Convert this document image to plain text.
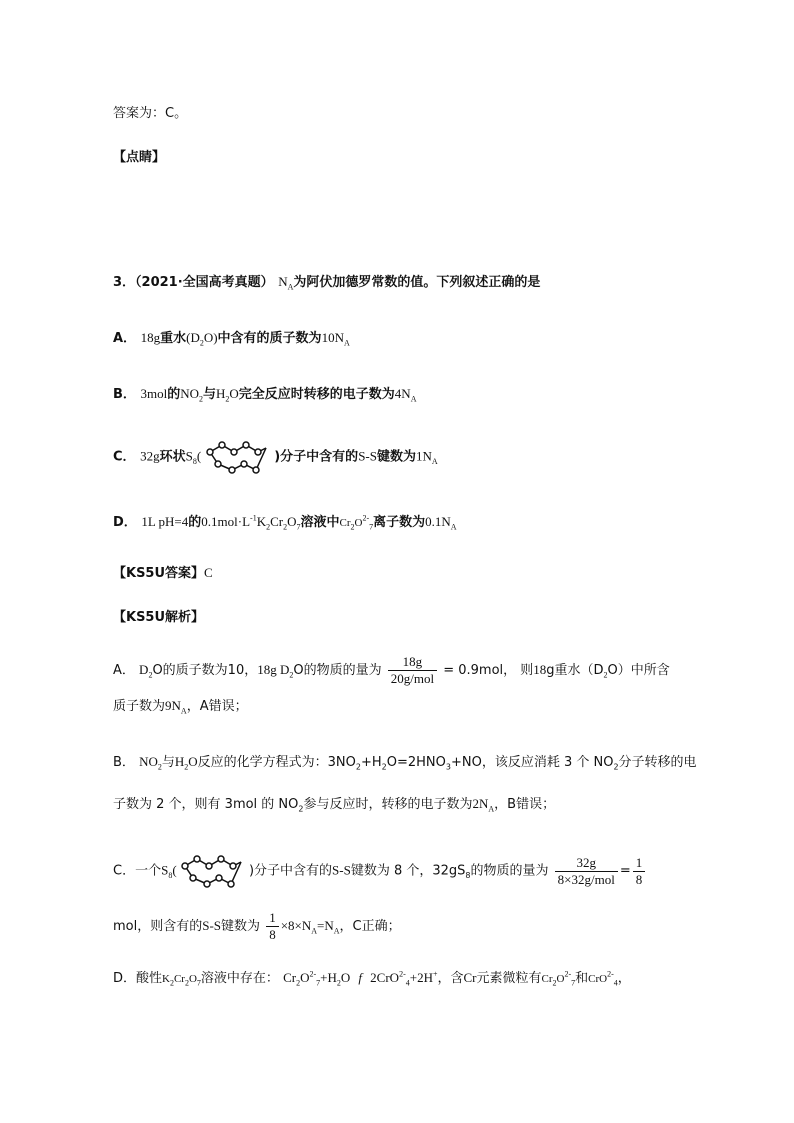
答案为：C。
【点睛】
3．（2021·全国高考真题） $N_A$为阿伏加德罗常数的值。下列叙述正确的是
A． 18g重水$(D_2O)$中含有的质子数为$10N_A$
B． 3mol的$NO_2$与$H_2O$完全反应时转移的电子数为$4N_A$
C． 32g环状$S_8$(	)分子中含有的S-S键数为$1N_A$
D． 1L pH=4的$0.1mol\cdot L^{-1}K_2Cr_2O_7$溶液中$Cr_2O^{2-}_7$离子数为$0.1N_A$
【KS5U答案】C
【KS5U解析】
A． $D_2O$的质子数为10，18g $D_2O$的物质的量为 $\frac{18g}{\text{20g/mol}} = 0.9mol$， 则18g重水$(D_2O)$中所含
质子数为$9N_A$，A错误；
B． $NO_2$与$H_2O$反应的化学方程式为：$3NO_2+H_2O=2HNO_3+NO$，该反应消耗 3 个 $NO_2$分子转移的电
子数为 2 个，则有 3mol 的 $NO_2$参与反应时，转移的电子数为$2N_A$，B错误；
C．一个$S_8$(	)分子中含有的S-S键数为 8 个，$32gS_8$的物质的量为 $\frac{32g}{\text{8×32g/mol}} = \frac{1}{8}$
mol，则含有的S-S键数为 $\frac{1}{8} \times 8\times N_A=N_A$，C正确；
D．酸性$K_2Cr_2O_7$溶液中存在： $Cr_2O^{2-}_7+H_2O$ f 2CrO$^{2-}_4$+2H+，含Cr元素微粒有$Cr_2O^{2-}_7$和CrO$^{2-}_4$，
